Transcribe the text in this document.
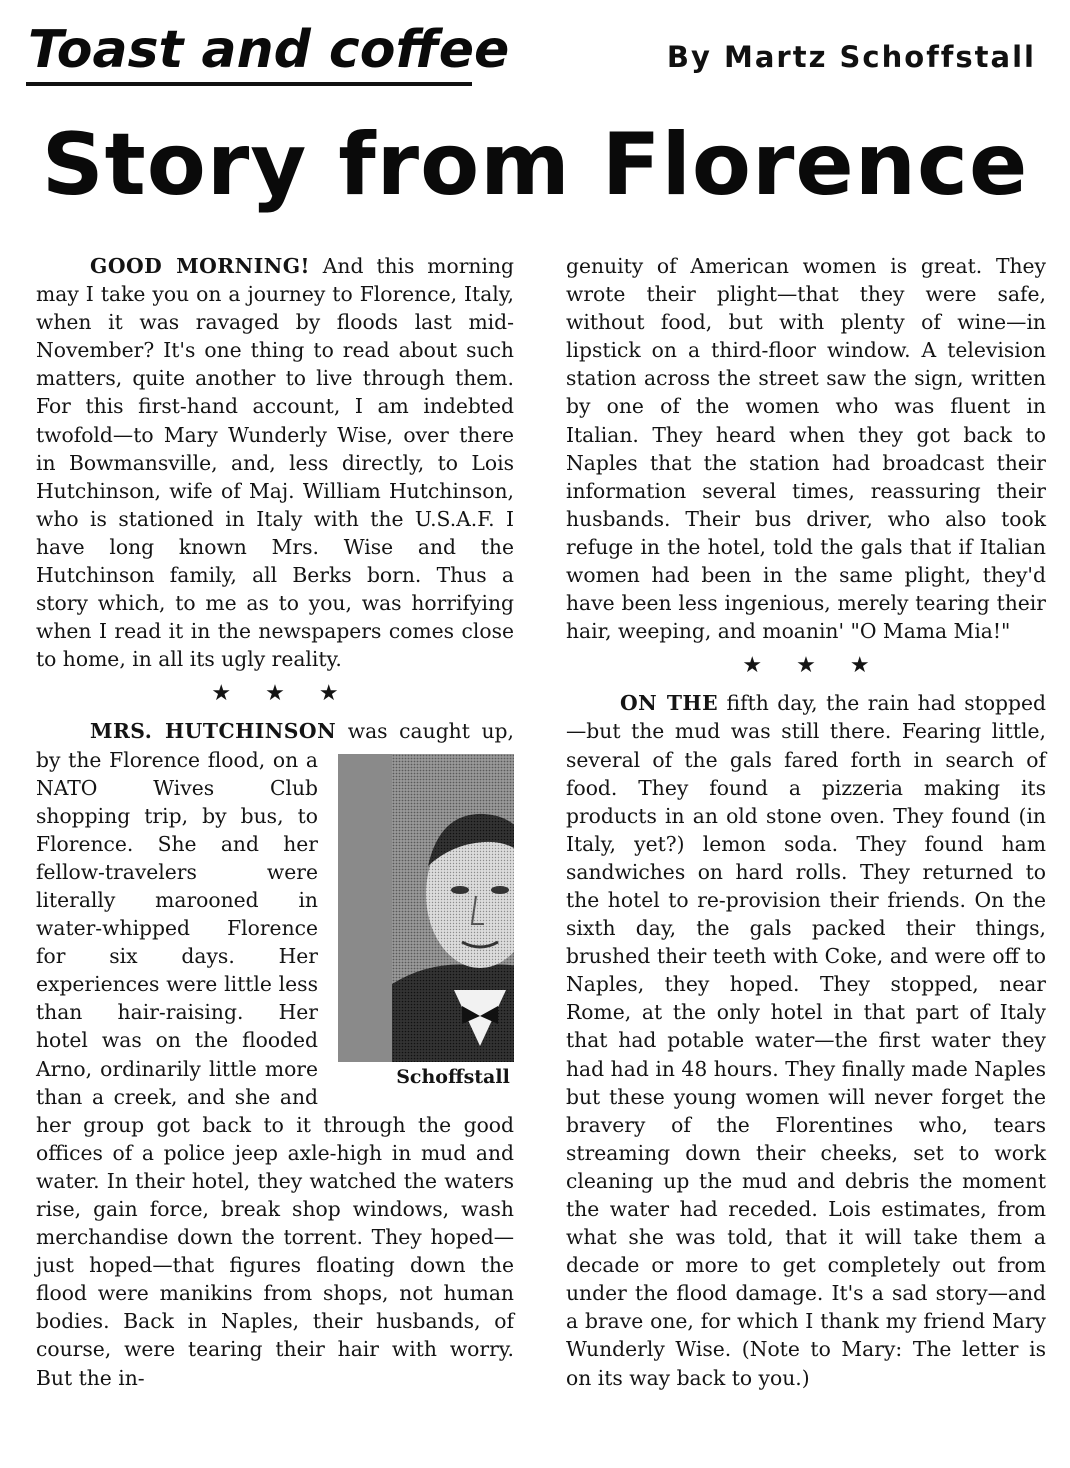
Toast and coffee	By Martz Schoffstall
Story from Florence

GOOD MORNING! And this morning may I take you on a journey to Florence, Italy, when it was ravaged by floods last mid-November? It's one thing to read about such matters, quite another to live through them. For this first-hand account, I am indebted twofold—to Mary Wunderly Wise, over there in Bowmansville, and, less directly, to Lois Hutchinson, wife of Maj. William Hutchinson, who is stationed in Italy with the U.S.A.F. I have long known Mrs. Wise and the Hutchinson family, all Berks born. Thus a story which, to me as to you, was horrifying when I read it in the newspapers comes close to home, in all its ugly reality.

★★★

MRS. HUTCHINSON
Schoffstall
was caught up, by the Florence flood, on a NATO Wives Club shopping trip, by bus, to Florence. She and her fellow-travelers were literally marooned in water-whipped Florence for six days. Her experiences were little less than hair-raising. Her hotel was on the flooded Arno, ordinarily little more than a creek, and she and her group got back to it through the good offices of a police jeep axle-high in mud and water. In their hotel, they watched the waters rise, gain force, break shop windows, wash merchandise down the torrent. They hoped—just hoped—that figures floating down the flood were manikins from shops, not human bodies. Back in Naples, their husbands, of course, were tearing their hair with worry. But the in-

genuity of American women is great. They wrote their plight—that they were safe, without food, but with plenty of wine—in lipstick on a third-floor window. A television station across the street saw the sign, written by one of the women who was fluent in Italian. They heard when they got back to Naples that the station had broadcast their information several times, reassuring their husbands. Their bus driver, who also took refuge in the hotel, told the gals that if Italian women had been in the same plight, they'd have been less ingenious, merely tearing their hair, weeping, and moanin' "O Mama Mia!"

★★★

ON THE fifth day, the rain had stopped—but the mud was still there. Fearing little, several of the gals fared forth in search of food. They found a pizzeria making its products in an old stone oven. They found (in Italy, yet?) lemon soda. They found ham sandwiches on hard rolls. They returned to the hotel to re-provision their friends. On the sixth day, the gals packed their things, brushed their teeth with Coke, and were off to Naples, they hoped. They stopped, near Rome, at the only hotel in that part of Italy that had potable water—the first water they had had in 48 hours. They finally made Naples but these young women will never forget the bravery of the Florentines who, tears streaming down their cheeks, set to work cleaning up the mud and debris the moment the water had receded. Lois estimates, from what she was told, that it will take them a decade or more to get completely out from under the flood damage. It's a sad story—and a brave one, for which I thank my friend Mary Wunderly Wise. (Note to Mary: The letter is on its way back to you.)
